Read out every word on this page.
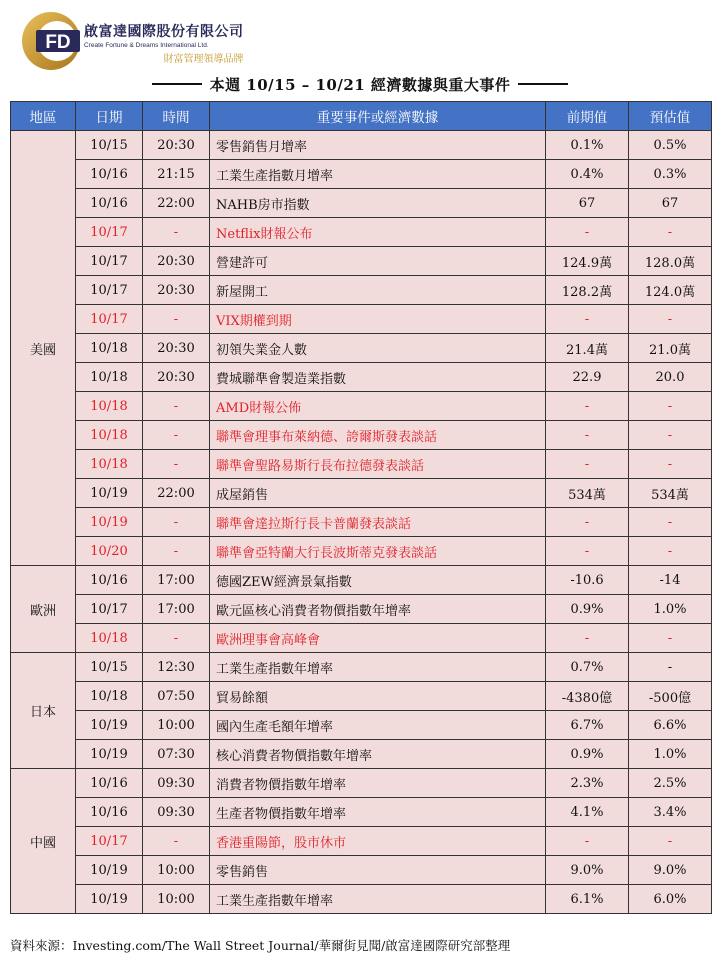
FD 啟富達國際股份有限公司
Create Fortune & Dreams International Ltd.
財富管理領導品牌
本週 10/15 – 10/21 經濟數據與重大事件
地區	日期	時間	重要事件或經濟數據	前期值	預估值
美國	10/15	20:30	零售銷售月增率	0.1%	0.5%
	10/16	21:15	工業生產指數月增率	0.4%	0.3%
	10/16	22:00	NAHB房市指數	67	67
	10/17	-	Netflix財報公布	-	-
	10/17	20:30	營建許可	124.9萬	128.0萬
	10/17	20:30	新屋開工	128.2萬	124.0萬
	10/17	-	VIX期權到期	-	-
	10/18	20:30	初領失業金人數	21.4萬	21.0萬
	10/18	20:30	費城聯準會製造業指數	22.9	20.0
	10/18	-	AMD財報公佈	-	-
	10/18	-	聯準會理事布萊納德、誇爾斯發表談話	-	-
	10/18	-	聯準會聖路易斯行長布拉德發表談話	-	-
	10/19	22:00	成屋銷售	534萬	534萬
	10/19	-	聯準會達拉斯行長卡普蘭發表談話	-	-
	10/20	-	聯準會亞特蘭大行長波斯蒂克發表談話	-	-
歐洲	10/16	17:00	德國ZEW經濟景氣指數	-10.6	-14
	10/17	17:00	歐元區核心消費者物價指數年增率	0.9%	1.0%
	10/18	-	歐洲理事會高峰會	-	-
日本	10/15	12:30	工業生產指數年增率	0.7%	-
	10/18	07:50	貿易餘額	-4380億	-500億
	10/19	10:00	國內生產毛額年增率	6.7%	6.6%
	10/19	07:30	核心消費者物價指數年增率	0.9%	1.0%
中國	10/16	09:30	消費者物價指數年增率	2.3%	2.5%
	10/16	09:30	生產者物價指數年增率	4.1%	3.4%
	10/17	-	香港重陽節，股市休市	-	-
	10/19	10:00	零售銷售	9.0%	9.0%
	10/19	10:00	工業生產指數年增率	6.1%	6.0%
資料來源：Investing.com/The Wall Street Journal/華爾街見聞/啟富達國際研究部整理
